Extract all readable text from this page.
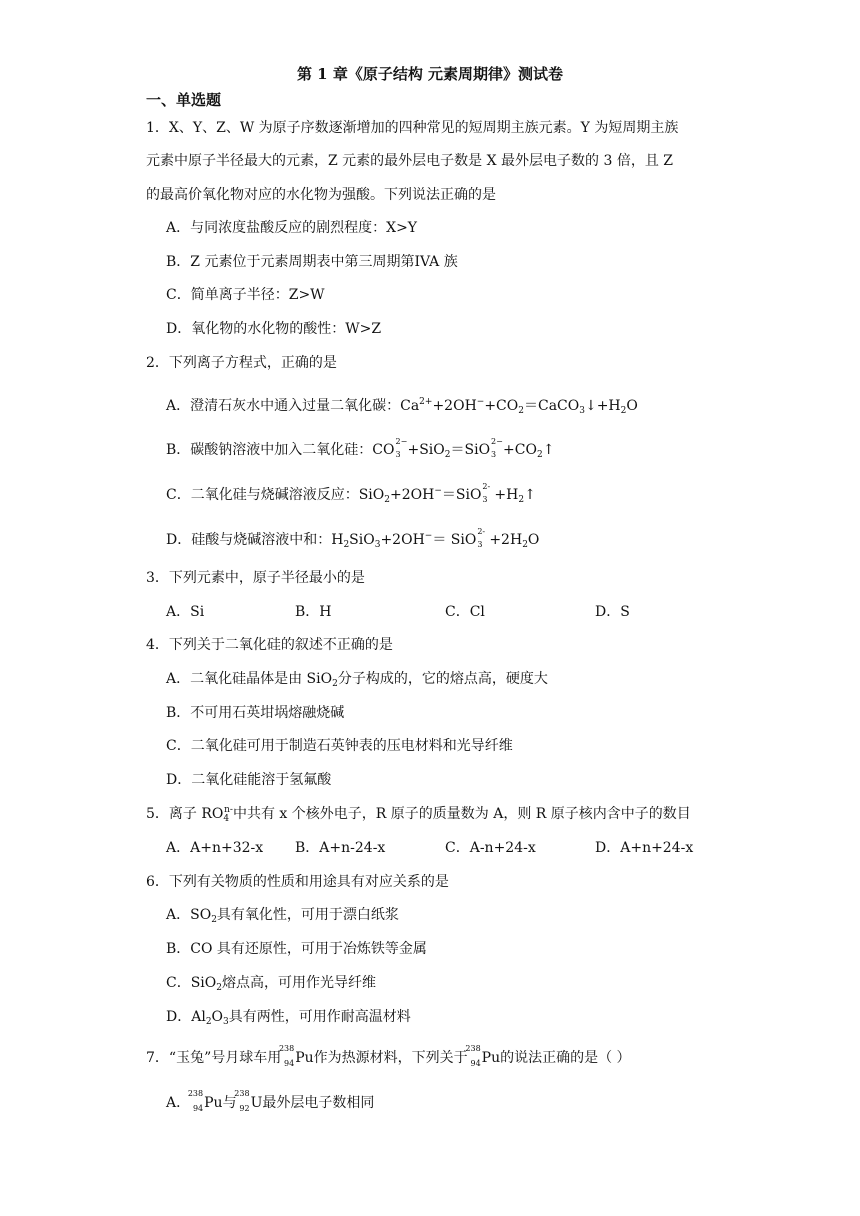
第 1 章《原子结构 元素周期律》测试卷
一、单选题
1．X、Y、Z、W 为原子序数逐渐增加的四种常见的短周期主族元素。Y 为短周期主族
元素中原子半径最大的元素，Z 元素的最外层电子数是 X 最外层电子数的 3 倍，且 Z
的最高价氧化物对应的水化物为强酸。下列说法正确的是
A．与同浓度盐酸反应的剧烈程度：X>Y
B．Z 元素位于元素周期表中第三周期第IVA 族
C．简单离子半径：Z>W
D．氧化物的水化物的酸性：W>Z
2．下列离子方程式，正确的是
A．澄清石灰水中通入过量二氧化碳：$Ca^{2+}+2OH^-+CO_2=CaCO_3↓+H_2O$
B．碳酸钠溶液中加入二氧化硅：CO
2−
3 +SiO$_2$＝SiO
2−
$3 +CO_2↑$
C．二氧化硅与烧碱溶液反应：SiO$_2$+2OH−＝SiO
2-
$3 +H_2↑$
D．硅酸与烧碱溶液中和：$H_2SiO_3+2OH^-=$ SiO
2-
$3 +2H_2O$
3．下列元素中，原子半径最小的是
A．Si	B．H	C．Cl	D．S
4．下列关于二氧化硅的叙述不正确的是
A．二氧化硅晶体是由 SiO$_2$分子构成的，它的熔点高，硬度大
B．不可用石英坩埚熔融烧碱
C．二氧化硅可用于制造石英钟表的压电材料和光导纤维
D．二氧化硅能溶于氢氟酸
5．离子 $RO_4^{n-}$中共有 x 个核外电子，R 原子的质量数为 A，则 R 原子核内含中子的数目
A．A+n+32-x B．A+n-24-x	C．A-n+24-x	D．A+n+24-x
6．下列有关物质的性质和用途具有对应关系的是
A．$SO_2$具有氧化性，可用于漂白纸浆
B．CO 具有还原性，可用于冶炼铁等金属
C．SiO$_2$熔点高，可用作光导纤维
D．$Al_2O_3$具有两性，可用作耐高温材料
7．“玉兔”号月球车用
238
94 Pu作为热源材料，下列关于
238
94 Pu的说法正确的是（ ）
A．
238
94 Pu与
238
92 U最外层电子数相同
